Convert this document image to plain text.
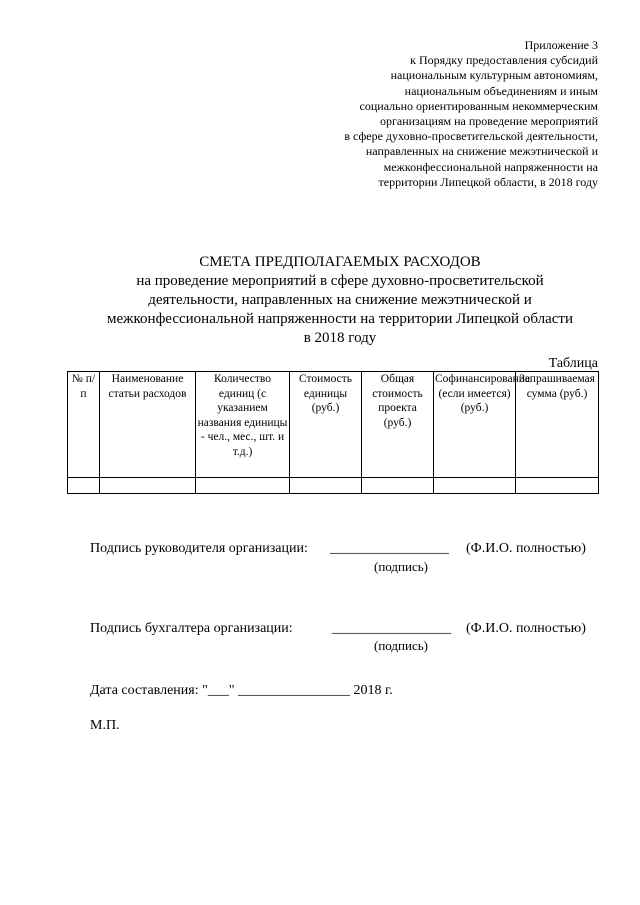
Приложение 3
к Порядку предоставления субсидий
национальным культурным автономиям,
национальным объединениям и иным
социально ориентированным некоммерческим
организациям на проведение мероприятий
в сфере духовно-просветительской деятельности,
направленных на снижение межэтнической и
межконфессиональной напряженности на
территории Липецкой области, в 2018 году
СМЕТА ПРЕДПОЛАГАЕМЫХ РАСХОДОВ
на проведение мероприятий в сфере духовно-просветительской
деятельности, направленных на снижение межэтнической и
межконфессиональной напряженности на территории Липецкой области
в 2018 году
Таблица
№ п/п	Наименование статьи расходов	Количество единиц (с указанием названия единицы - чел., мес., шт. и т.д.)	Стоимость единицы (руб.)	Общая стоимость проекта (руб.)	Софинансирование (если имеется) (руб.)	Запрашиваемая сумма (руб.)

Подпись руководителя организации: _________________ (Ф.И.О. полностью)
(подпись)
Подпись бухгалтера организации:	_________________ (Ф.И.О. полностью)
(подпись)
Дата составления: "___" ________________ 2018 г.
М.П.
